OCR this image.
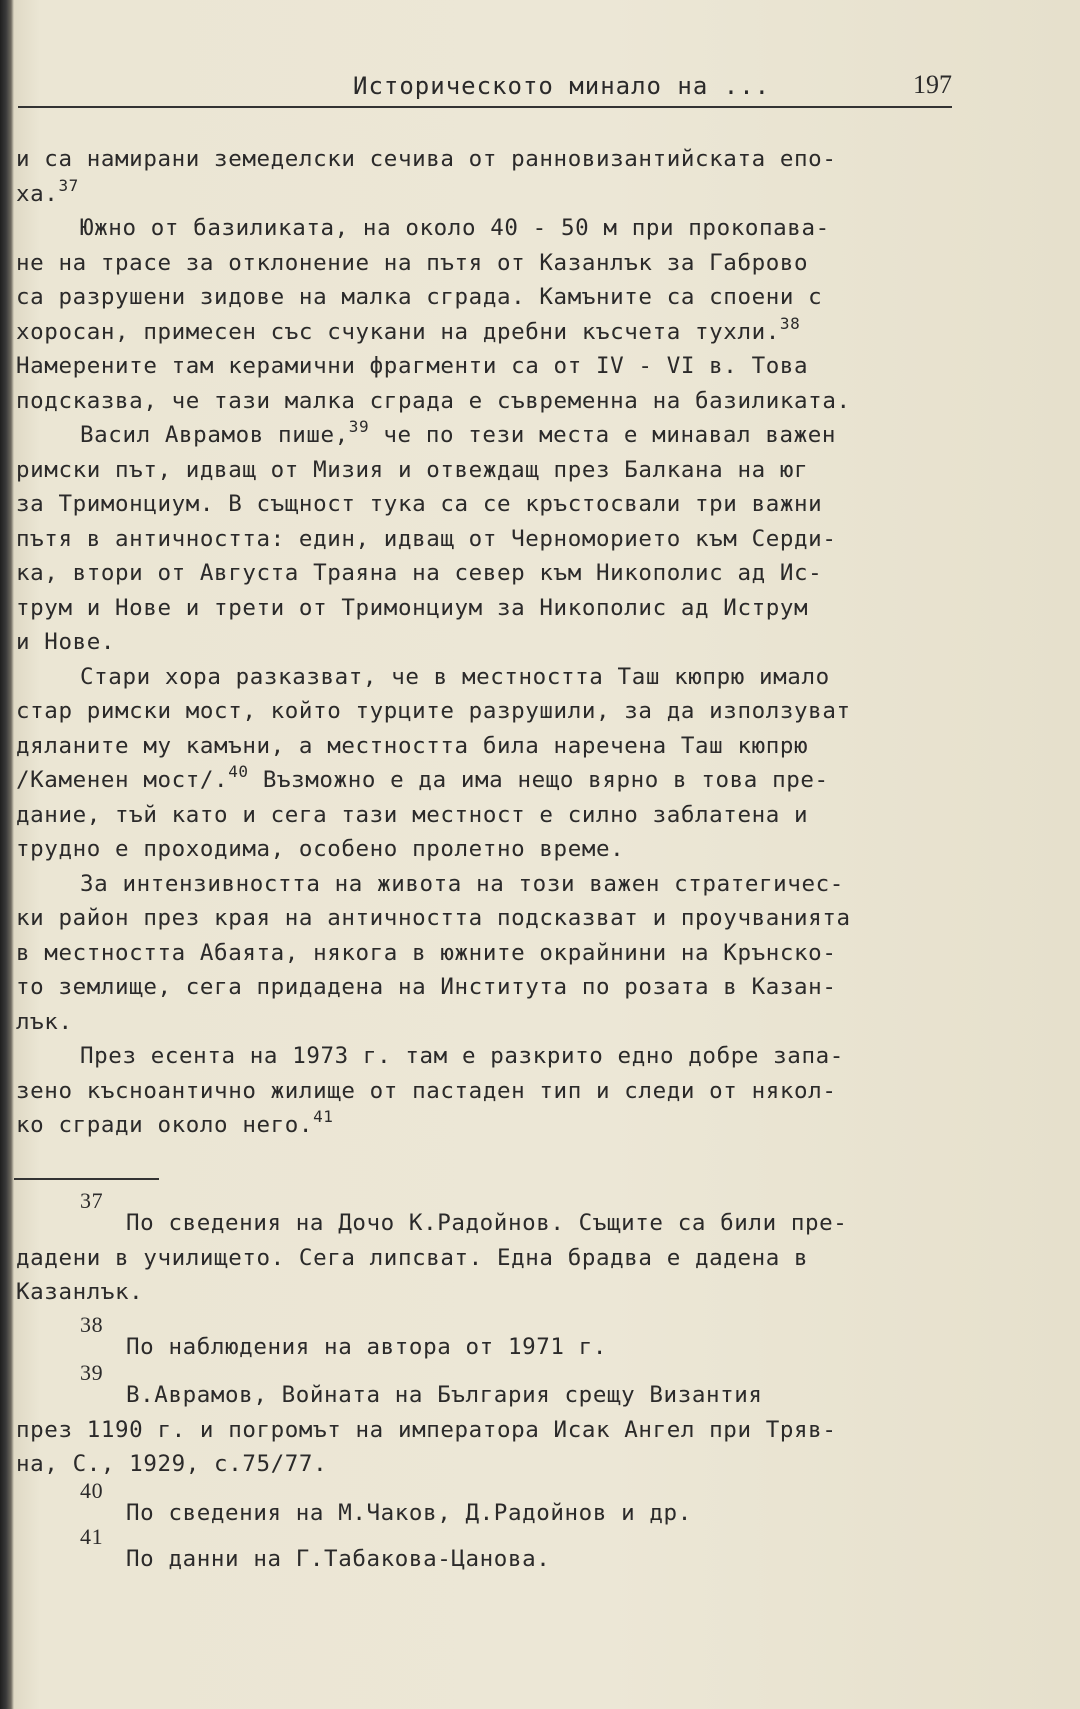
Историческото минало на ...	197
и са намирани земеделски сечива от ранновизантийската епо-
ха.$^{37}$
Южно от базиликата, на около 40 - 50 м при прокопава-
не на трасе за отклонение на пътя от Казанлък за Габрово
са разрушени зидове на малка сграда. Камъните са споени с
хоросан, примесен със счукани на дребни късчета тухли.$^{38}$
Намерените там керамични фрагменти са от IV - VI в. Това
подсказва, че тази малка сграда е съвременна на базиликата.
Васил Аврамов пише,$^{39}$ че по тези места е минавал важен
римски път, идващ от Мизия и отвеждащ през Балкана на юг
за Тримонциум. В същност тука са се кръстосвали три важни
пътя в античността: един, идващ от Черноморието към Серди-
ка, втори от Августа Траяна на север към Никополис ад Ис-
трум и Нове и трети от Тримонциум за Никополис ад Иструм
и Нове.
Стари хора разказват, че в местността Таш кюпрю имало
стар римски мост, който турците разрушили, за да използуват
дяланите му камъни, а местността била наречена Таш кюпрю
/Каменен мост/.$^{40}$ Възможно е да има нещо вярно в това пре-
дание, тъй като и сега тази местност е силно заблатена и
трудно е проходима, особено пролетно време.
За интензивността на живота на този важен стратегичес-
ки район през края на античността подсказват и проучванията
в местността Абаята, някога в южните окрайнини на Крънско-
то землище, сега придадена на Института по розата в Казан-
лък.
През есента на 1973 г. там е разкрито едно добре запа-
зено късноантично жилище от пастаден тип и следи от някол-
ко сгради около него.$^{41}$
37
По сведения на Дочо К.Радойнов. Същите са били пре-
дадени в училището. Сега липсват. Една брадва е дадена в
Казанлък.
38
По наблюдения на автора от 1971 г.
39
В.Аврамов, Войната на България срещу Византия
през 1190 г. и погромът на императора Исак Ангел при Тряв-
на, С., 1929, с.75/77.
40
По сведения на М.Чаков, Д.Радойнов и др.
41
По данни на Г.Табакова-Цанова.
